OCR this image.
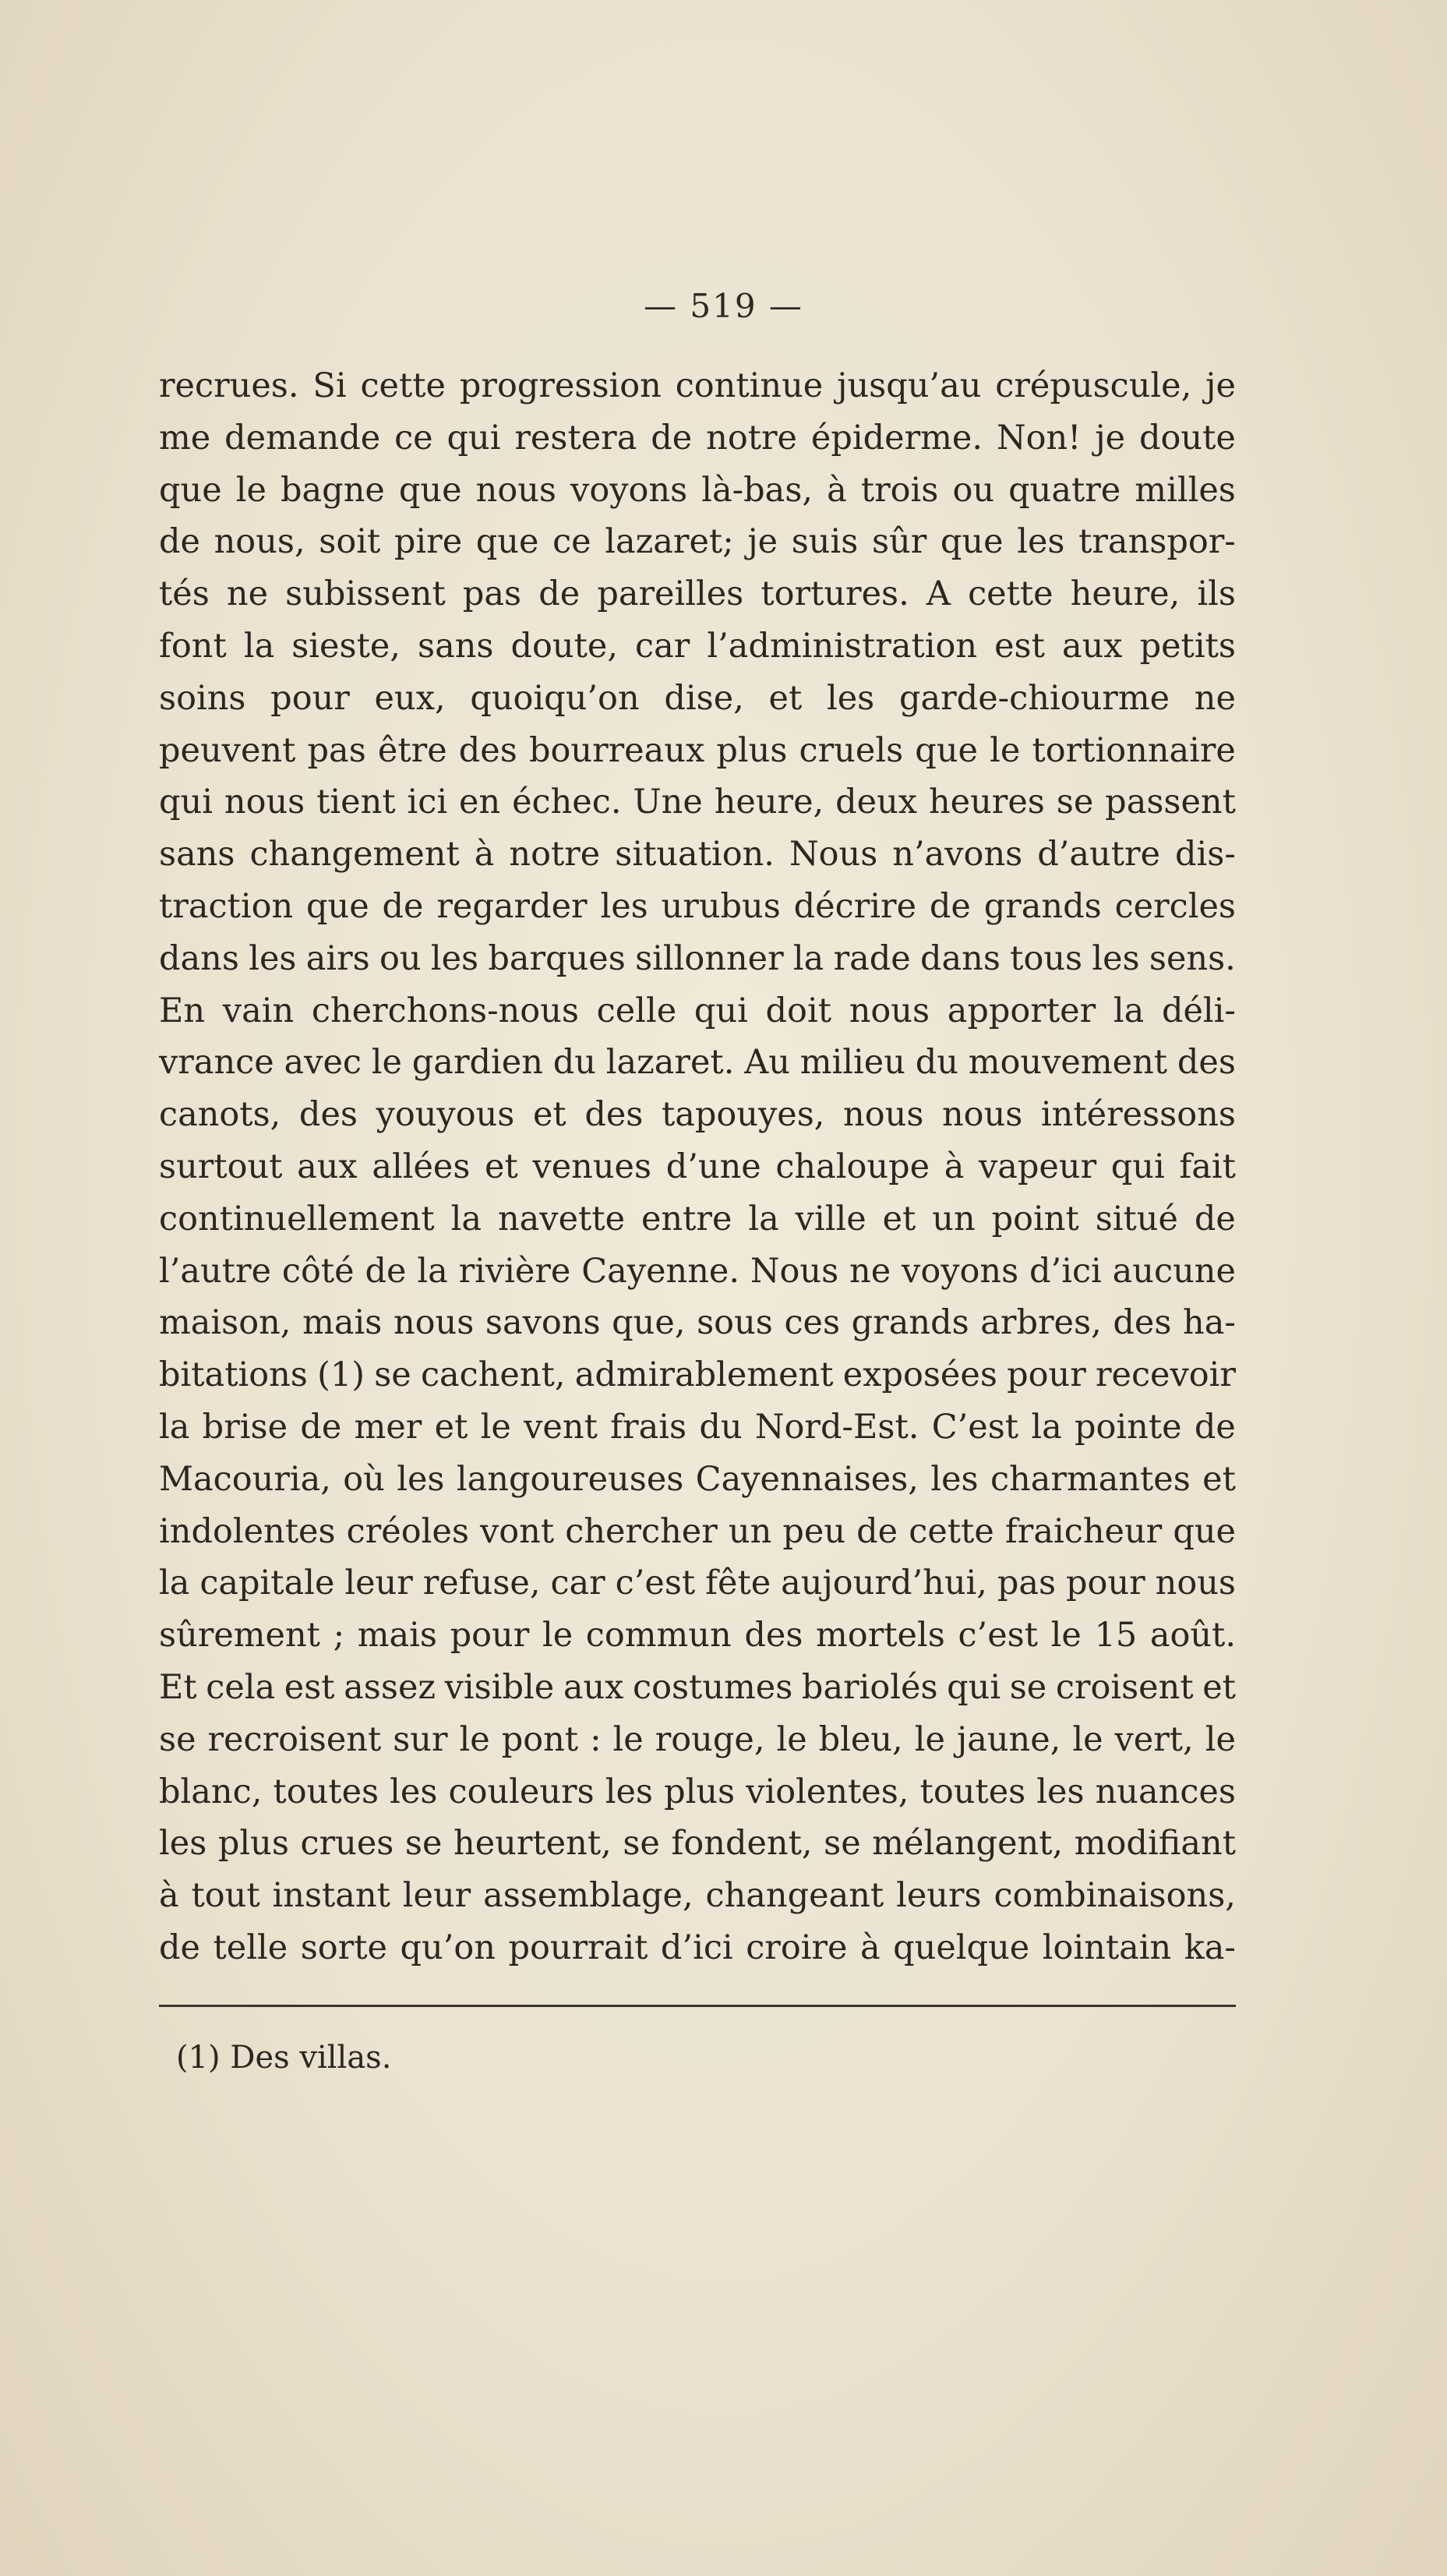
— 519 —
recrues. Si cette progression continue jusqu’au crépuscule, je
me demande ce qui restera de notre épiderme. Non! je doute
que le bagne que nous voyons là-bas, à trois ou quatre milles
de nous, soit pire que ce lazaret; je suis sûr que les transpor-
tés ne subissent pas de pareilles tortures. A cette heure, ils
font la sieste, sans doute, car l’administration est aux petits
soins pour eux, quoiqu’on dise, et les garde-chiourme ne
peuvent pas être des bourreaux plus cruels que le tortionnaire
qui nous tient ici en échec. Une heure, deux heures se passent
sans changement à notre situation. Nous n’avons d’autre dis-
traction que de regarder les urubus décrire de grands cercles
dans les airs ou les barques sillonner la rade dans tous les sens.
En vain cherchons-nous celle qui doit nous apporter la déli-
vrance avec le gardien du lazaret. Au milieu du mouvement des
canots, des youyous et des tapouyes, nous nous intéressons
surtout aux allées et venues d’une chaloupe à vapeur qui fait
continuellement la navette entre la ville et un point situé de
l’autre côté de la rivière Cayenne. Nous ne voyons d’ici aucune
maison, mais nous savons que, sous ces grands arbres, des ha-
bitations (1) se cachent, admirablement exposées pour recevoir
la brise de mer et le vent frais du Nord-Est. C’est la pointe de
Macouria, où les langoureuses Cayennaises, les charmantes et
indolentes créoles vont chercher un peu de cette fraicheur que
la capitale leur refuse, car c’est fête aujourd’hui, pas pour nous
sûrement ; mais pour le commun des mortels c’est le 15 août.
Et cela est assez visible aux costumes bariolés qui se croisent et
se recroisent sur le pont : le rouge, le bleu, le jaune, le vert, le
blanc, toutes les couleurs les plus violentes, toutes les nuances
les plus crues se heurtent, se fondent, se mélangent, modifiant
à tout instant leur assemblage, changeant leurs combinaisons,
de telle sorte qu’on pourrait d’ici croire à quelque lointain ka-
(1) Des villas.
